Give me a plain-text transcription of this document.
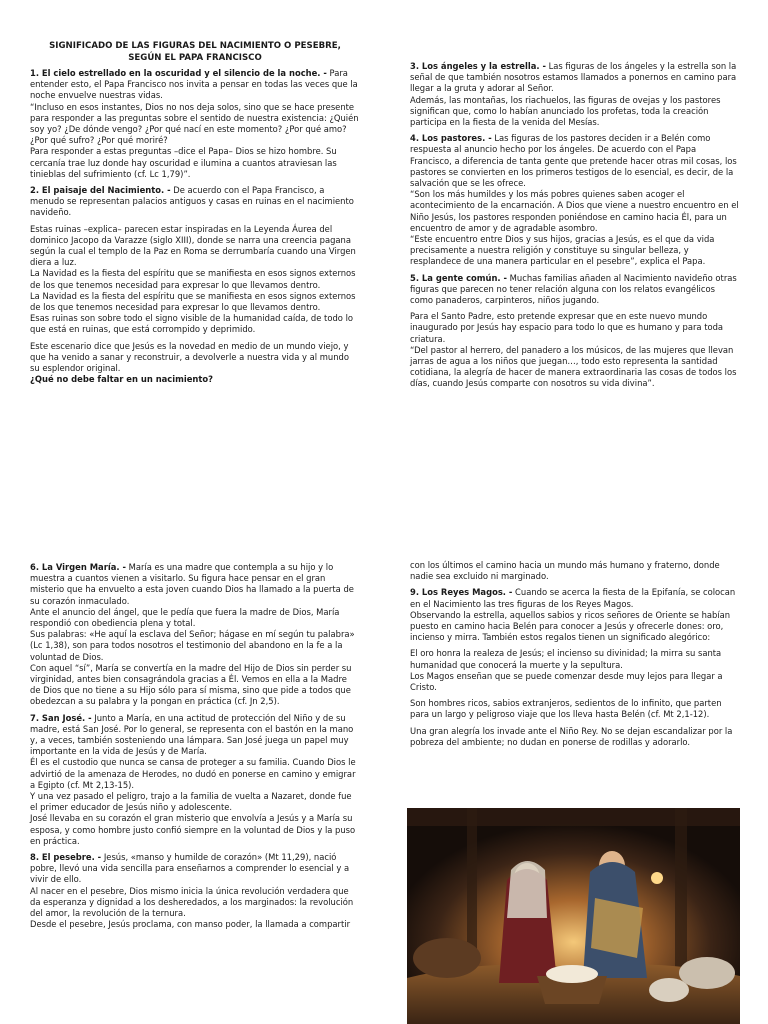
SIGNIFICADO DE LAS FIGURAS DEL NACIMIENTO O PESEBRE,
SEGÚN EL PAPA FRANCISCO

1. El cielo estrellado en la oscuridad y el silencio de la noche. - Para entender esto, el Papa Francisco nos invita a pensar en todas las veces que la noche envuelve nuestras vidas.

“Incluso en esos instantes, Dios no nos deja solos, sino que se hace presente para responder a las preguntas sobre el sentido de nuestra existencia: ¿Quién soy yo? ¿De dónde vengo? ¿Por qué nací en este momento? ¿Por qué amo? ¿Por qué sufro? ¿Por qué moriré?

Para responder a estas preguntas –dice el Papa– Dios se hizo hombre. Su cercanía trae luz donde hay oscuridad e ilumina a cuantos atraviesan las tinieblas del sufrimiento (cf. Lc 1,79)”.

2. El paisaje del Nacimiento. - De acuerdo con el Papa Francisco, a menudo se representan palacios antiguos y casas en ruinas en el nacimiento navideño.

Estas ruinas –explica– parecen estar inspiradas en la Leyenda Áurea del dominico Jacopo da Varazze (siglo XIII), donde se narra una creencia pagana según la cual el templo de la Paz en Roma se derrumbaría cuando una Virgen diera a luz.

La Navidad es la fiesta del espíritu que se manifiesta en esos signos externos de los que tenemos necesidad para expresar lo que llevamos dentro.

La Navidad es la fiesta del espíritu que se manifiesta en esos signos externos de los que tenemos necesidad para expresar lo que llevamos dentro.

Esas ruinas son sobre todo el signo visible de la humanidad caída, de todo lo que está en ruinas, que está corrompido y deprimido.

Este escenario dice que Jesús es la novedad en medio de un mundo viejo, y que ha venido a sanar y reconstruir, a devolverle a nuestra vida y al mundo su esplendor original.

¿Qué no debe faltar en un nacimiento?

3. Los ángeles y la estrella. - Las figuras de los ángeles y la estrella son la señal de que también nosotros estamos llamados a ponernos en camino para llegar a la gruta y adorar al Señor.

Además, las montañas, los riachuelos, las figuras de ovejas y los pastores significan que, como lo habían anunciado los profetas, toda la creación participa en la fiesta de la venida del Mesías.

4. Los pastores. - Las figuras de los pastores deciden ir a Belén como respuesta al anuncio hecho por los ángeles. De acuerdo con el Papa Francisco, a diferencia de tanta gente que pretende hacer otras mil cosas, los pastores se convierten en los primeros testigos de lo esencial, es decir, de la salvación que se les ofrece.

“Son los más humildes y los más pobres quienes saben acoger el acontecimiento de la encarnación. A Dios que viene a nuestro encuentro en el Niño Jesús, los pastores responden poniéndose en camino hacia Él, para un encuentro de amor y de agradable asombro.

“Este encuentro entre Dios y sus hijos, gracias a Jesús, es el que da vida precisamente a nuestra religión y constituye su singular belleza, y resplandece de una manera particular en el pesebre”, explica el Papa.

5. La gente común. - Muchas familias añaden al Nacimiento navideño otras figuras que parecen no tener relación alguna con los relatos evangélicos como panaderos, carpinteros, niños jugando.

Para el Santo Padre, esto pretende expresar que en este nuevo mundo inaugurado por Jesús hay espacio para todo lo que es humano y para toda criatura.

“Del pastor al herrero, del panadero a los músicos, de las mujeres que llevan jarras de agua a los niños que juegan…, todo esto representa la santidad cotidiana, la alegría de hacer de manera extraordinaria las cosas de todos los días, cuando Jesús comparte con nosotros su vida divina”.

6. La Virgen María. - María es una madre que contempla a su hijo y lo muestra a cuantos vienen a visitarlo. Su figura hace pensar en el gran misterio que ha envuelto a esta joven cuando Dios ha llamado a la puerta de su corazón inmaculado.

Ante el anuncio del ángel, que le pedía que fuera la madre de Dios, María respondió con obediencia plena y total.

Sus palabras: «He aquí la esclava del Señor; hágase en mí según tu palabra» (Lc 1,38), son para todos nosotros el testimonio del abandono en la fe a la voluntad de Dios.

Con aquel “sí”, María se convertía en la madre del Hijo de Dios sin perder su virginidad, antes bien consagrándola gracias a Él. Vemos en ella a la Madre de Dios que no tiene a su Hijo sólo para sí misma, sino que pide a todos que obedezcan a su palabra y la pongan en práctica (cf. Jn 2,5).

7. San José. - Junto a María, en una actitud de protección del Niño y de su madre, está San José. Por lo general, se representa con el bastón en la mano y, a veces, también sosteniendo una lámpara. San José juega un papel muy importante en la vida de Jesús y de María.

Él es el custodio que nunca se cansa de proteger a su familia. Cuando Dios le advirtió de la amenaza de Herodes, no dudó en ponerse en camino y emigrar a Egipto (cf. Mt 2,13-15).

Y una vez pasado el peligro, trajo a la familia de vuelta a Nazaret, donde fue el primer educador de Jesús niño y adolescente.

José llevaba en su corazón el gran misterio que envolvía a Jesús y a María su esposa, y como hombre justo confió siempre en la voluntad de Dios y la puso en práctica.

8. El pesebre. - Jesús, «manso y humilde de corazón» (Mt 11,29), nació pobre, llevó una vida sencilla para enseñarnos a comprender lo esencial y a vivir de ello.

Al nacer en el pesebre, Dios mismo inicia la única revolución verdadera que da esperanza y dignidad a los desheredados, a los marginados: la revolución del amor, la revolución de la ternura.

Desde el pesebre, Jesús proclama, con manso poder, la llamada a compartir

con los últimos el camino hacia un mundo más humano y fraterno, donde nadie sea excluido ni marginado.

9. Los Reyes Magos. - Cuando se acerca la fiesta de la Epifanía, se colocan en el Nacimiento las tres figuras de los Reyes Magos.

Observando la estrella, aquellos sabios y ricos señores de Oriente se habían puesto en camino hacia Belén para conocer a Jesús y ofrecerle dones: oro, incienso y mirra. También estos regalos tienen un significado alegórico:

El oro honra la realeza de Jesús; el incienso su divinidad; la mirra su santa humanidad que conocerá la muerte y la sepultura.

Los Magos enseñan que se puede comenzar desde muy lejos para llegar a Cristo.

Son hombres ricos, sabios extranjeros, sedientos de lo infinito, que parten para un largo y peligroso viaje que los lleva hasta Belén (cf. Mt 2,1-12).

Una gran alegría los invade ante el Niño Rey. No se dejan escandalizar por la pobreza del ambiente; no dudan en ponerse de rodillas y adorarlo.
